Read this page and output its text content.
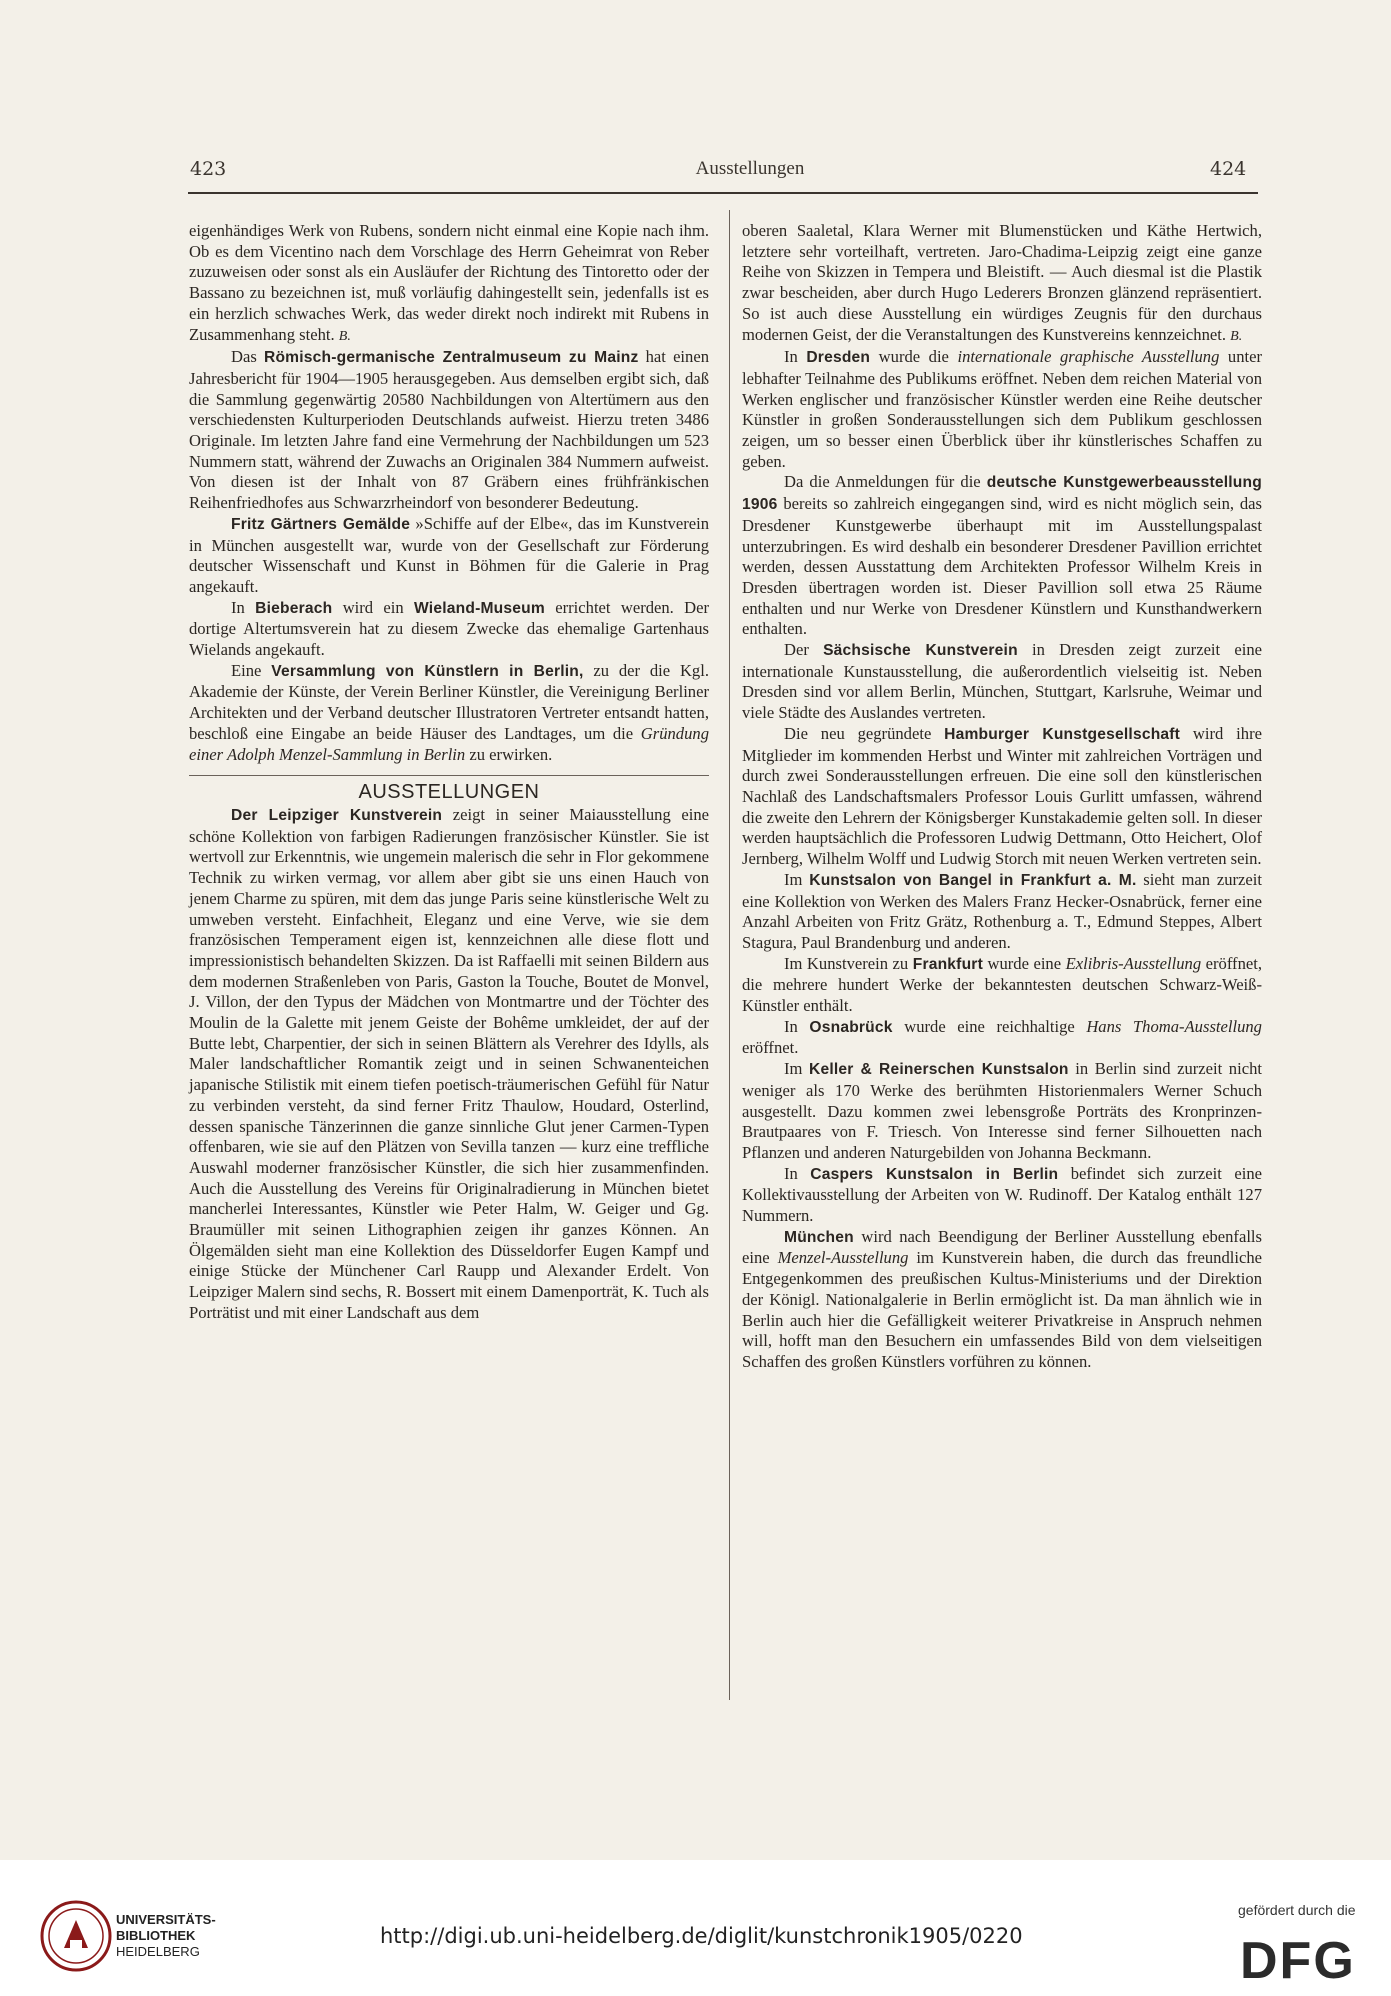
423	Ausstellungen	424

eigenhändiges Werk von Rubens, sondern nicht einmal eine Kopie nach ihm. Ob es dem Vicentino nach dem Vorschlage des Herrn Geheimrat von Reber zuzuweisen oder sonst als ein Ausläufer der Richtung des Tintoretto oder der Bassano zu bezeichnen ist, muß vorläufig dahingestellt sein, jedenfalls ist es ein herzlich schwaches Werk, das weder direkt noch indirekt mit Rubens in Zusammenhang steht. B.

Das Römisch-germanische Zentralmuseum zu Mainz hat einen Jahresbericht für 1904—1905 herausgegeben. Aus demselben ergibt sich, daß die Sammlung gegenwärtig 20580 Nachbildungen von Altertümern aus den verschiedensten Kulturperioden Deutschlands aufweist. Hierzu treten 3486 Originale. Im letzten Jahre fand eine Vermehrung der Nachbildungen um 523 Nummern statt, während der Zuwachs an Originalen 384 Nummern aufweist. Von diesen ist der Inhalt von 87 Gräbern eines frühfränkischen Reihenfriedhofes aus Schwarzrheindorf von besonderer Bedeutung.

Fritz Gärtners Gemälde »Schiffe auf der Elbe«, das im Kunstverein in München ausgestellt war, wurde von der Gesellschaft zur Förderung deutscher Wissenschaft und Kunst in Böhmen für die Galerie in Prag angekauft.

In Bieberach wird ein Wieland-Museum errichtet werden. Der dortige Altertumsverein hat zu diesem Zwecke das ehemalige Gartenhaus Wielands angekauft.

Eine Versammlung von Künstlern in Berlin, zu der die Kgl. Akademie der Künste, der Verein Berliner Künstler, die Vereinigung Berliner Architekten und der Verband deutscher Illustratoren Vertreter entsandt hatten, beschloß eine Eingabe an beide Häuser des Landtages, um die Gründung einer Adolph Menzel-Sammlung in Berlin zu erwirken.

AUSSTELLUNGEN

Der Leipziger Kunstverein zeigt in seiner Maiausstellung eine schöne Kollektion von farbigen Radierungen französischer Künstler. Sie ist wertvoll zur Erkenntnis, wie ungemein malerisch die sehr in Flor gekommene Technik zu wirken vermag, vor allem aber gibt sie uns einen Hauch von jenem Charme zu spüren, mit dem das junge Paris seine künstlerische Welt zu umweben versteht. Einfachheit, Eleganz und eine Verve, wie sie dem französischen Temperament eigen ist, kennzeichnen alle diese flott und impressionistisch behandelten Skizzen. Da ist Raffaelli mit seinen Bildern aus dem modernen Straßenleben von Paris, Gaston la Touche, Boutet de Monvel, J. Villon, der den Typus der Mädchen von Montmartre und der Töchter des Moulin de la Galette mit jenem Geiste der Bohême umkleidet, der auf der Butte lebt, Charpentier, der sich in seinen Blättern als Verehrer des Idylls, als Maler landschaftlicher Romantik zeigt und in seinen Schwanenteichen japanische Stilistik mit einem tiefen poetisch-träumerischen Gefühl für Natur zu verbinden versteht, da sind ferner Fritz Thaulow, Houdard, Osterlind, dessen spanische Tänzerinnen die ganze sinnliche Glut jener Carmen-Typen offenbaren, wie sie auf den Plätzen von Sevilla tanzen — kurz eine treffliche Auswahl moderner französischer Künstler, die sich hier zusammenfinden. Auch die Ausstellung des Vereins für Originalradierung in München bietet mancherlei Interessantes, Künstler wie Peter Halm, W. Geiger und Gg. Braumüller mit seinen Lithographien zeigen ihr ganzes Können. An Ölgemälden sieht man eine Kollektion des Düsseldorfer Eugen Kampf und einige Stücke der Münchener Carl Raupp und Alexander Erdelt. Von Leipziger Malern sind sechs, R. Bossert mit einem Damenporträt, K. Tuch als Porträtist und mit einer Landschaft aus dem

oberen Saaletal, Klara Werner mit Blumenstücken und Käthe Hertwich, letztere sehr vorteilhaft, vertreten. Jaro-Chadima-Leipzig zeigt eine ganze Reihe von Skizzen in Tempera und Bleistift. — Auch diesmal ist die Plastik zwar bescheiden, aber durch Hugo Lederers Bronzen glänzend repräsentiert. So ist auch diese Ausstellung ein würdiges Zeugnis für den durchaus modernen Geist, der die Veranstaltungen des Kunstvereins kennzeichnet. B.

In Dresden wurde die internationale graphische Ausstellung unter lebhafter Teilnahme des Publikums eröffnet. Neben dem reichen Material von Werken englischer und französischer Künstler werden eine Reihe deutscher Künstler in großen Sonderausstellungen sich dem Publikum geschlossen zeigen, um so besser einen Überblick über ihr künstlerisches Schaffen zu geben.

Da die Anmeldungen für die deutsche Kunstgewerbeausstellung 1906 bereits so zahlreich eingegangen sind, wird es nicht möglich sein, das Dresdener Kunstgewerbe überhaupt mit im Ausstellungspalast unterzubringen. Es wird deshalb ein besonderer Dresdener Pavillion errichtet werden, dessen Ausstattung dem Architekten Professor Wilhelm Kreis in Dresden übertragen worden ist. Dieser Pavillion soll etwa 25 Räume enthalten und nur Werke von Dresdener Künstlern und Kunsthandwerkern enthalten.

Der Sächsische Kunstverein in Dresden zeigt zurzeit eine internationale Kunstausstellung, die außerordentlich vielseitig ist. Neben Dresden sind vor allem Berlin, München, Stuttgart, Karlsruhe, Weimar und viele Städte des Auslandes vertreten.

Die neu gegründete Hamburger Kunstgesellschaft wird ihre Mitglieder im kommenden Herbst und Winter mit zahlreichen Vorträgen und durch zwei Sonderausstellungen erfreuen. Die eine soll den künstlerischen Nachlaß des Landschaftsmalers Professor Louis Gurlitt umfassen, während die zweite den Lehrern der Königsberger Kunstakademie gelten soll. In dieser werden hauptsächlich die Professoren Ludwig Dettmann, Otto Heichert, Olof Jernberg, Wilhelm Wolff und Ludwig Storch mit neuen Werken vertreten sein.

Im Kunstsalon von Bangel in Frankfurt a. M. sieht man zurzeit eine Kollektion von Werken des Malers Franz Hecker-Osnabrück, ferner eine Anzahl Arbeiten von Fritz Grätz, Rothenburg a. T., Edmund Steppes, Albert Stagura, Paul Brandenburg und anderen.

Im Kunstverein zu Frankfurt wurde eine Exlibris-Ausstellung eröffnet, die mehrere hundert Werke der bekanntesten deutschen Schwarz-Weiß-Künstler enthält.

In Osnabrück wurde eine reichhaltige Hans Thoma-Ausstellung eröffnet.

Im Keller & Reinerschen Kunstsalon in Berlin sind zurzeit nicht weniger als 170 Werke des berühmten Historienmalers Werner Schuch ausgestellt. Dazu kommen zwei lebensgroße Porträts des Kronprinzen-Brautpaares von F. Triesch. Von Interesse sind ferner Silhouetten nach Pflanzen und anderen Naturgebilden von Johanna Beckmann.

In Caspers Kunstsalon in Berlin befindet sich zurzeit eine Kollektivausstellung der Arbeiten von W. Rudinoff. Der Katalog enthält 127 Nummern.

München wird nach Beendigung der Berliner Ausstellung ebenfalls eine Menzel-Ausstellung im Kunstverein haben, die durch das freundliche Entgegenkommen des preußischen Kultus-Ministeriums und der Direktion der Königl. Nationalgalerie in Berlin ermöglicht ist. Da man ähnlich wie in Berlin auch hier die Gefälligkeit weiterer Privatkreise in Anspruch nehmen will, hofft man den Besuchern ein umfassendes Bild von dem vielseitigen Schaffen des großen Künstlers vorführen zu können.

UNIVERSITÄTS-
BIBLIOTHEK
HEIDELBERG
http://digi.ub.uni-heidelberg.de/diglit/kunstchronik1905/0220
gefördert durch die
DFG
